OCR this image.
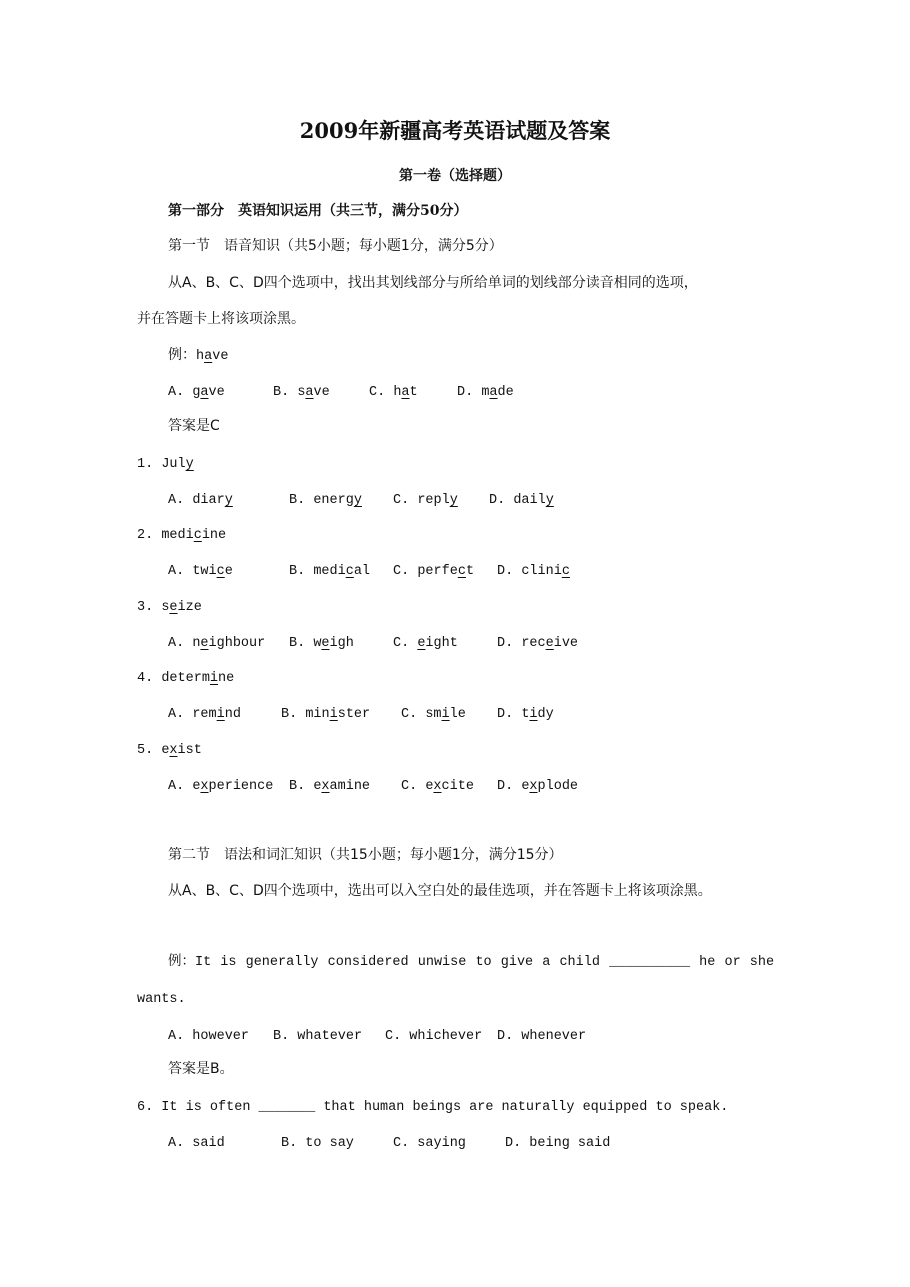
2009年新疆高考英语试题及答案
第一卷（选择题）
第一部分　英语知识运用（共三节，满分50分）
第一节　语音知识（共5小题；每小题1分，满分5分）
从A、B、C、D四个选项中，找出其划线部分与所给单词的划线部分读音相同的选项，
并在答题卡上将该项涂黑。
例：have
答案是C
第二节　语法和词汇知识（共15小题；每小题1分，满分15分）
从A、B、C、D四个选项中，选出可以入空白处的最佳选项，并在答题卡上将该项涂黑。
例：It is generally considered unwise to give a child __________ he or she
wants.
A. however B. whatever C. whichever D. whenever
答案是B。
6. It is often _______ that human beings are naturally equipped to speak.
A. said	B. to say	C. saying	D. being said
A. gave	B. save	C. hat	D. made
1. July
A. diary	B. energy C. reply D. daily
2. medicine
A. twice	B. medical C. perfect D. clinic
3. seize
A. neighbour B. weigh	C. eight	D. receive
4. determine
A. remind	B. minister C. smile D. tidy
5. exist
A. experience B. examine C. excite D. explode
